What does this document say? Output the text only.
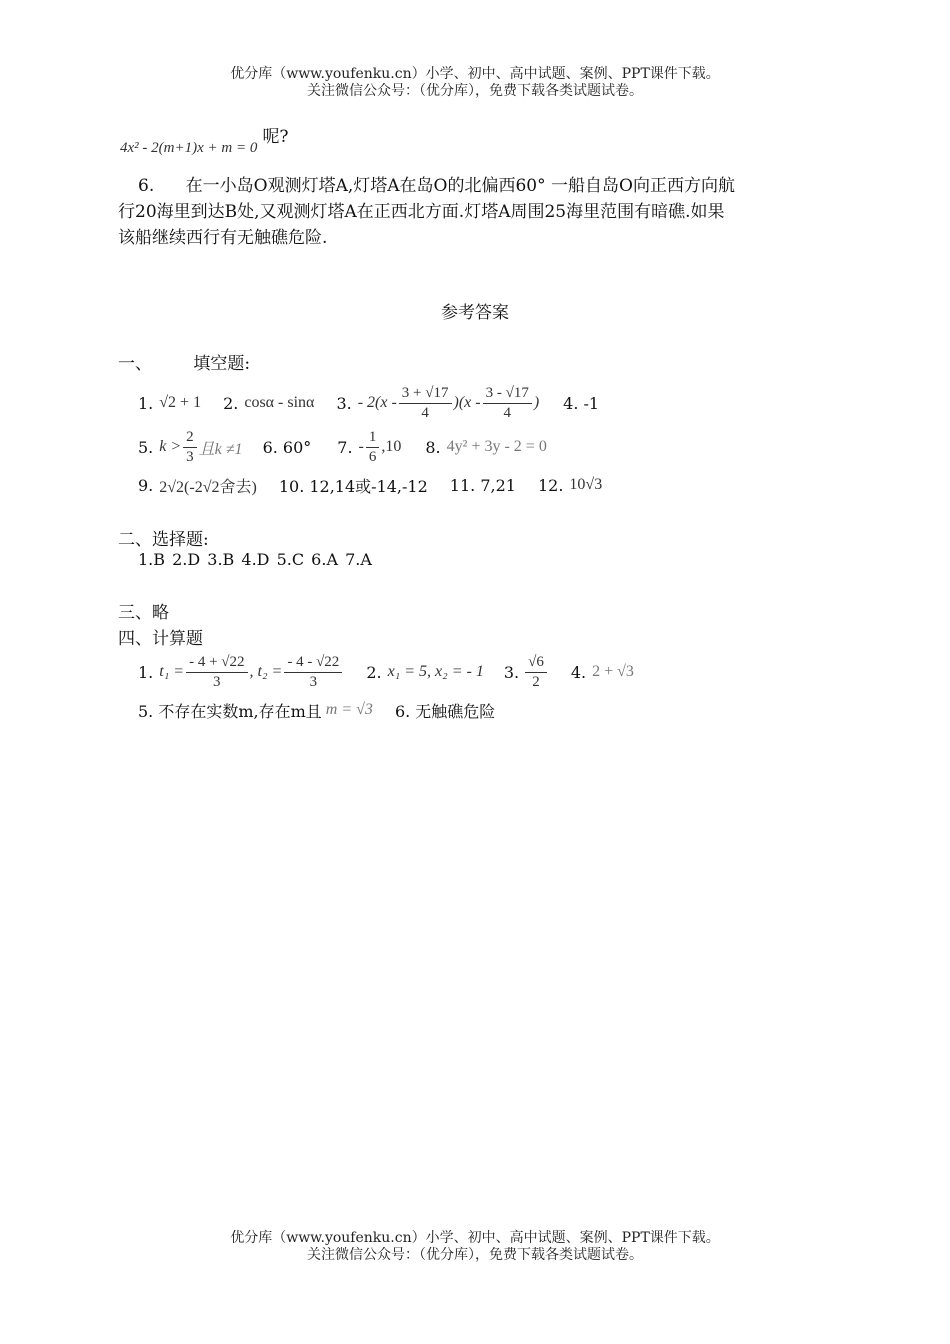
优分库（www.youfenku.cn）小学、初中、高中试题、案例、PPT课件下载。
关注微信公众号：（优分库），免费下载各类试题试卷。
4x² - 2(m+1)x + m = 0 呢?
6. 在一小岛O观测灯塔A,灯塔A在岛O的北偏西60° 一船自岛O向正西方向航
行20海里到达B处,又观测灯塔A在正西北方面.灯塔A周围25海里范围有暗礁.如果
该船继续西行有无触礁危险.
参考答案
一、 填空题:
1. √2 + 1 2. cosα - sinα 3. - $2(x - \frac{3 + √17}{4} )(x - \frac{3 - √17}{4}$ ) 4. -1
5. $k > \frac{2}{3}$ 且k ≠1 6. 60° 7. - $\frac{1}{6} ,10$ 8. 4y² + 3y - 2 = 0
9. 2√2(-2√2舍去) 10. 12,14或-14,-12 11. 7,21 12. 10√3
二、选择题:
1.B 2.D 3.B 4.D 5.C 6.A 7.A
三、略
四、计算题
1. $t_1 = \frac{- 4 + √22}{3}$ , $t_2 = \frac{- 4 - √22}{3} 2$. x₁ = 5, x₂ = - 1 3. $\frac{√6}{2} 4$. 2 + √3
5. 不存在实数m,存在m且 m = √3 6. 无触礁危险
优分库（www.youfenku.cn）小学、初中、高中试题、案例、PPT课件下载。
关注微信公众号：（优分库），免费下载各类试题试卷。
